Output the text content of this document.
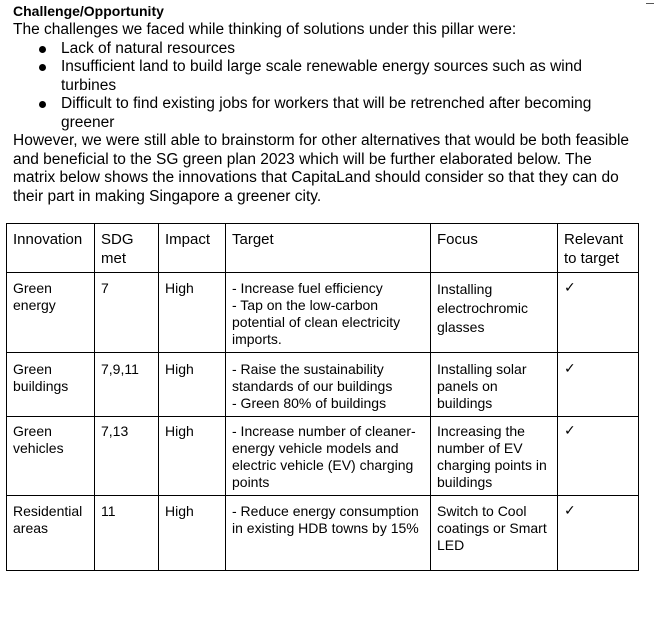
Challenge/Opportunity

The challenges we faced while thinking of solutions under this pillar were:

Lack of natural resources
Insufficient land to build large scale renewable energy sources such as wind turbines
Difficult to find existing jobs for workers that will be retrenched after becoming greener

However, we were still able to brainstorm for other alternatives that would be both feasible and beneficial to the SG green plan 2023 which will be further elaborated below. The matrix below shows the innovations that CapitaLand should consider so that they can do their part in making Singapore a greener city.

Innovation	SDG met	Impact	Target	Focus	Relevant to target
Green energy	7	High	- Increase fuel efficiency
- Tap on the low-carbon potential of clean electricity imports.	Installing electrochromic glasses	✓
Green buildings	7,9,11	High	- Raise the sustainability standards of our buildings
- Green 80% of buildings	Installing solar panels on buildings	✓
Green vehicles	7,13	High	- Increase number of cleaner-energy vehicle models and electric vehicle (EV) charging points	Increasing the number of EV charging points in buildings	✓
Residential areas	11	High	- Reduce energy consumption in existing HDB towns by 15%	Switch to Cool coatings or Smart LED	✓
